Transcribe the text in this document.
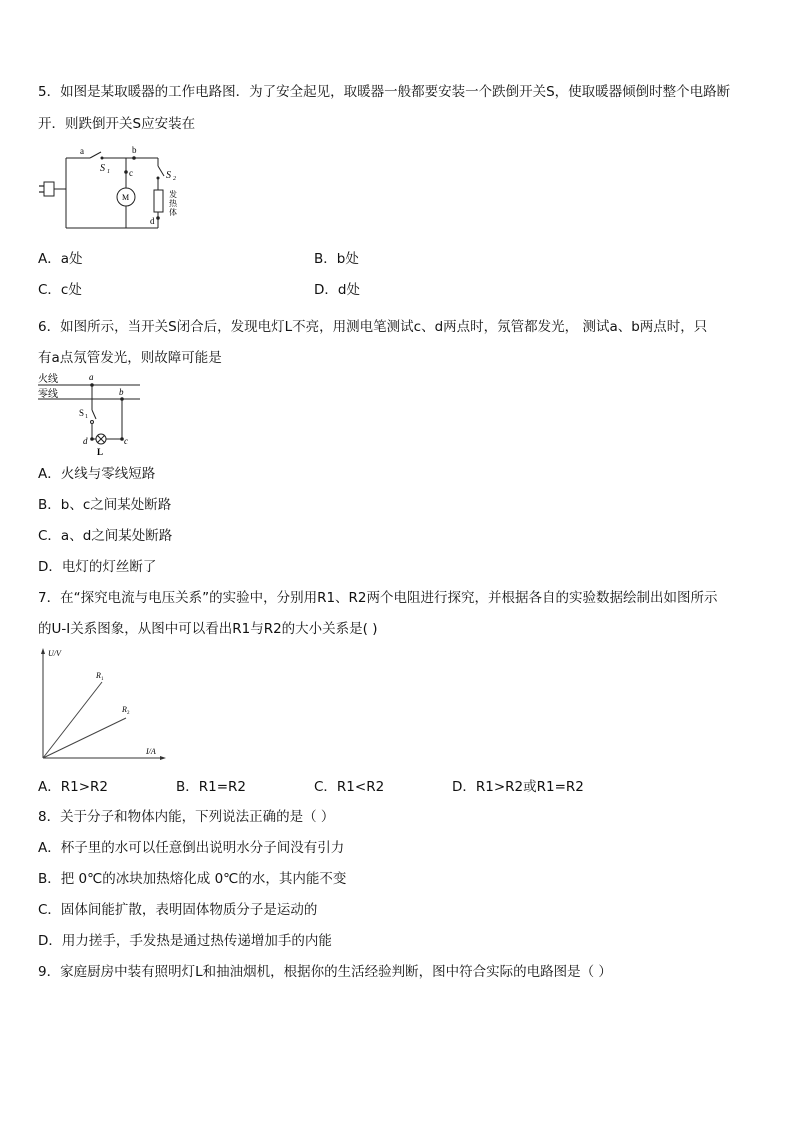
5．如图是某取暖器的工作电路图．为了安全起见，取暖器一般都要安装一个跌倒开关S，使取暖器倾倒时整个电路断
开．则跌倒开关S应安装在
a	b
c
d
S 1	S 2
M	发
热
体
A．a处	B．b处
C．c处	D．d处
6．如图所示，当开关S闭合后，发现电灯L不亮，用测电笔测试c、d两点时，氖管都发光， 测试a、b两点时，只
有a点氖管发光，则故障可能是
火线
零线
a
b
S 1
d	c
L
A．火线与零线短路
B．b、c之间某处断路
C．a、d之间某处断路
D．电灯的灯丝断了
7．在“探究电流与电压关系”的实验中，分别用R1、R2两个电阻进行探究，并根据各自的实验数据绘制出如图所示
的U-I关系图象，从图中可以看出R1与R2的大小关系是( )
U/V
I/A
R 1
R 2
A．R1>R2	B．R1=R2	C．R1<R2	D．R1>R2或R1=R2
8．关于分子和物体内能，下列说法正确的是（ ）
A．杯子里的水可以任意倒出说明水分子间没有引力
B．把 0℃的冰块加热熔化成 0℃的水，其内能不变
C．固体间能扩散，表明固体物质分子是运动的
D．用力搓手，手发热是通过热传递增加手的内能
9．家庭厨房中装有照明灯L和抽油烟机，根据你的生活经验判断，图中符合实际的电路图是（ ）
